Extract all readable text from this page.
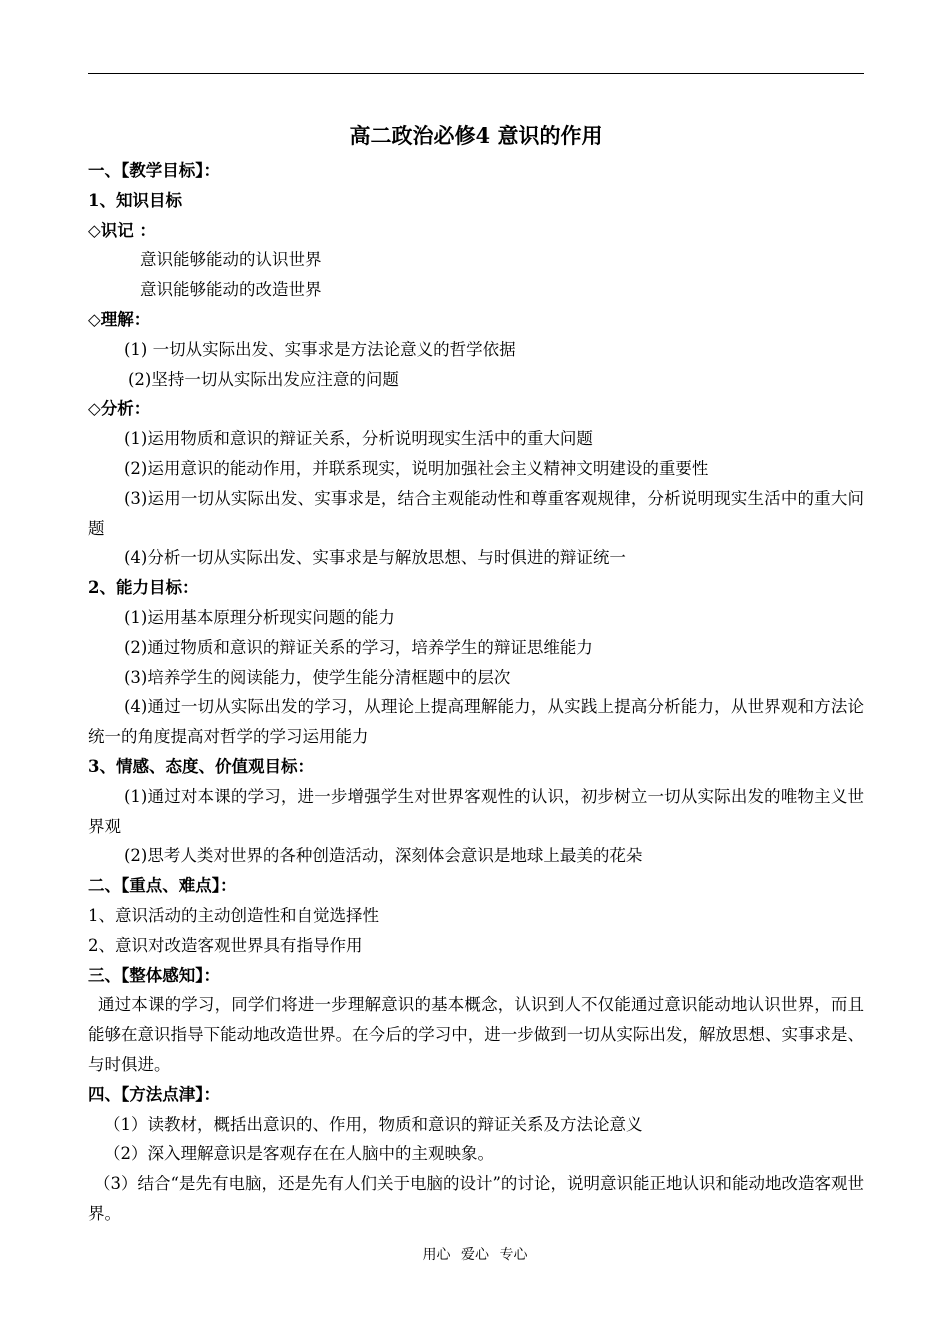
高二政治必修4 意识的作用
一、【教学目标】：
1、知识目标
◇识记 ：
意识能够能动的认识世界
意识能够能动的改造世界
◇理解：
(1) 一切从实际出发、实事求是方法论意义的哲学依据
(2)坚持一切从实际出发应注意的问题
◇分析：
(1)运用物质和意识的辩证关系，分析说明现实生活中的重大问题
(2)运用意识的能动作用，并联系现实，说明加强社会主义精神文明建设的重要性
(3)运用一切从实际出发、实事求是，结合主观能动性和尊重客观规律，分析说明现实生活中的重大问题
(4)分析一切从实际出发、实事求是与解放思想、与时俱进的辩证统一
2、能力目标：
(1)运用基本原理分析现实问题的能力
(2)通过物质和意识的辩证关系的学习，培养学生的辩证思维能力
(3)培养学生的阅读能力，使学生能分清框题中的层次
(4)通过一切从实际出发的学习，从理论上提高理解能力，从实践上提高分析能力，从世界观和方法论统一的角度提高对哲学的学习运用能力
3、情感、态度、价值观目标：
(1)通过对本课的学习，进一步增强学生对世界客观性的认识，初步树立一切从实际出发的唯物主义世界观
(2)思考人类对世界的各种创造活动，深刻体会意识是地球上最美的花朵
二、【重点、难点】：
1、意识活动的主动创造性和自觉选择性
2、意识对改造客观世界具有指导作用
三、【整体感知】：
通过本课的学习，同学们将进一步理解意识的基本概念，认识到人不仅能通过意识能动地认识世界，而且能够在意识指导下能动地改造世界。在今后的学习中，进一步做到一切从实际出发，解放思想、实事求是、与时俱进。
四、【方法点津】：
（1）读教材，概括出意识的、作用，物质和意识的辩证关系及方法论意义
（2）深入理解意识是客观存在在人脑中的主观映象。
（3）结合“是先有电脑，还是先有人们关于电脑的设计”的讨论，说明意识能正地认识和能动地改造客观世界。
用心 爱心 专心
